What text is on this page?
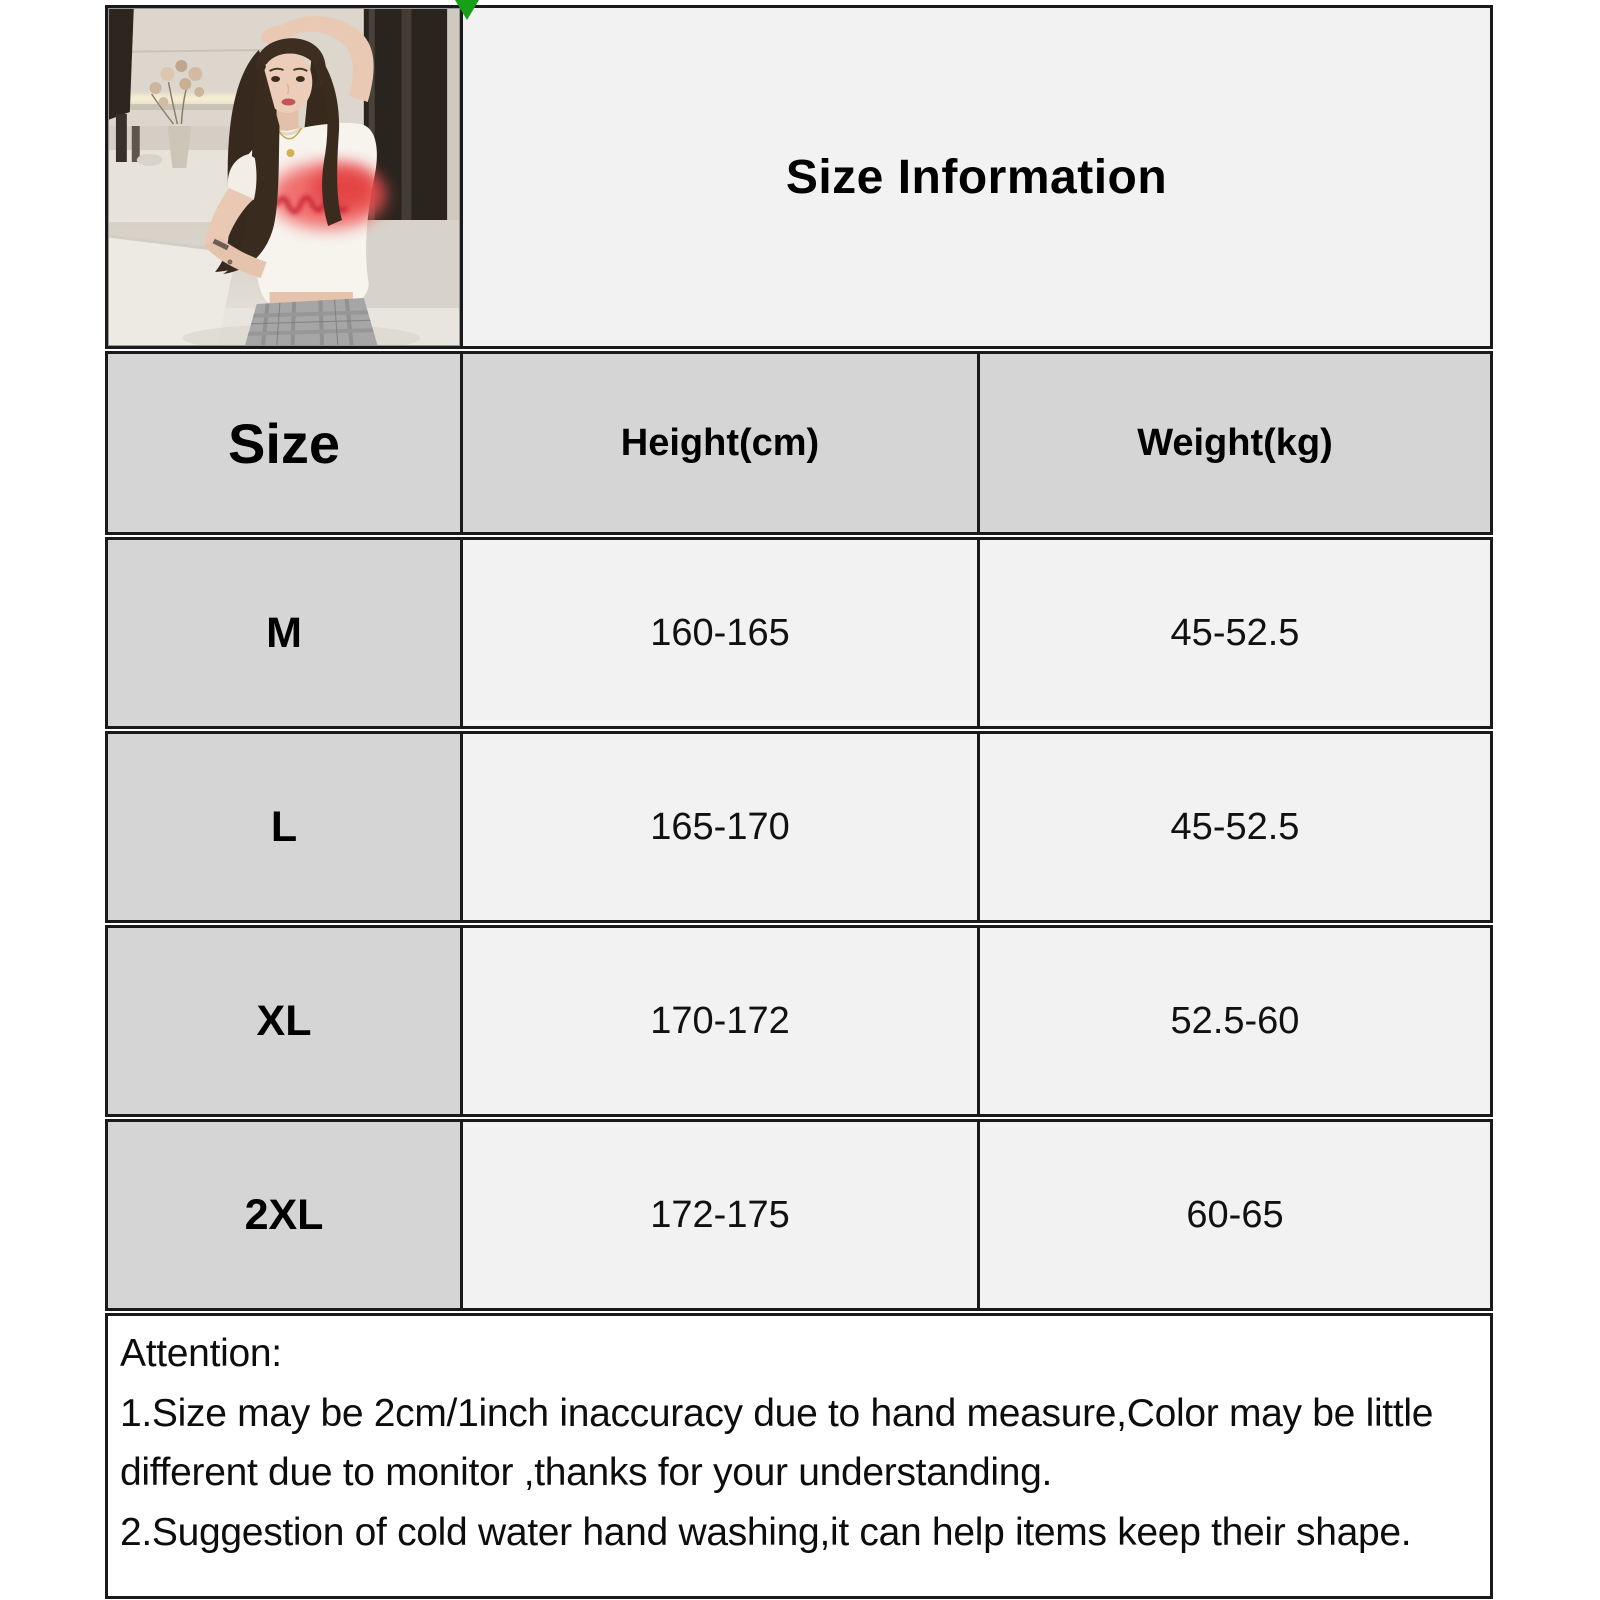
Size Information
Size	Height(cm)	Weight(kg)
M	160-165	45-52.5
L	165-170	45-52.5
XL	170-172	52.5-60
2XL	172-175	60-65
Attention:
1.Size may be 2cm/1inch inaccuracy due to hand measure,Color may be little different due to monitor ,thanks for your understanding.
2.Suggestion of cold water hand washing,it can help items keep their shape.
